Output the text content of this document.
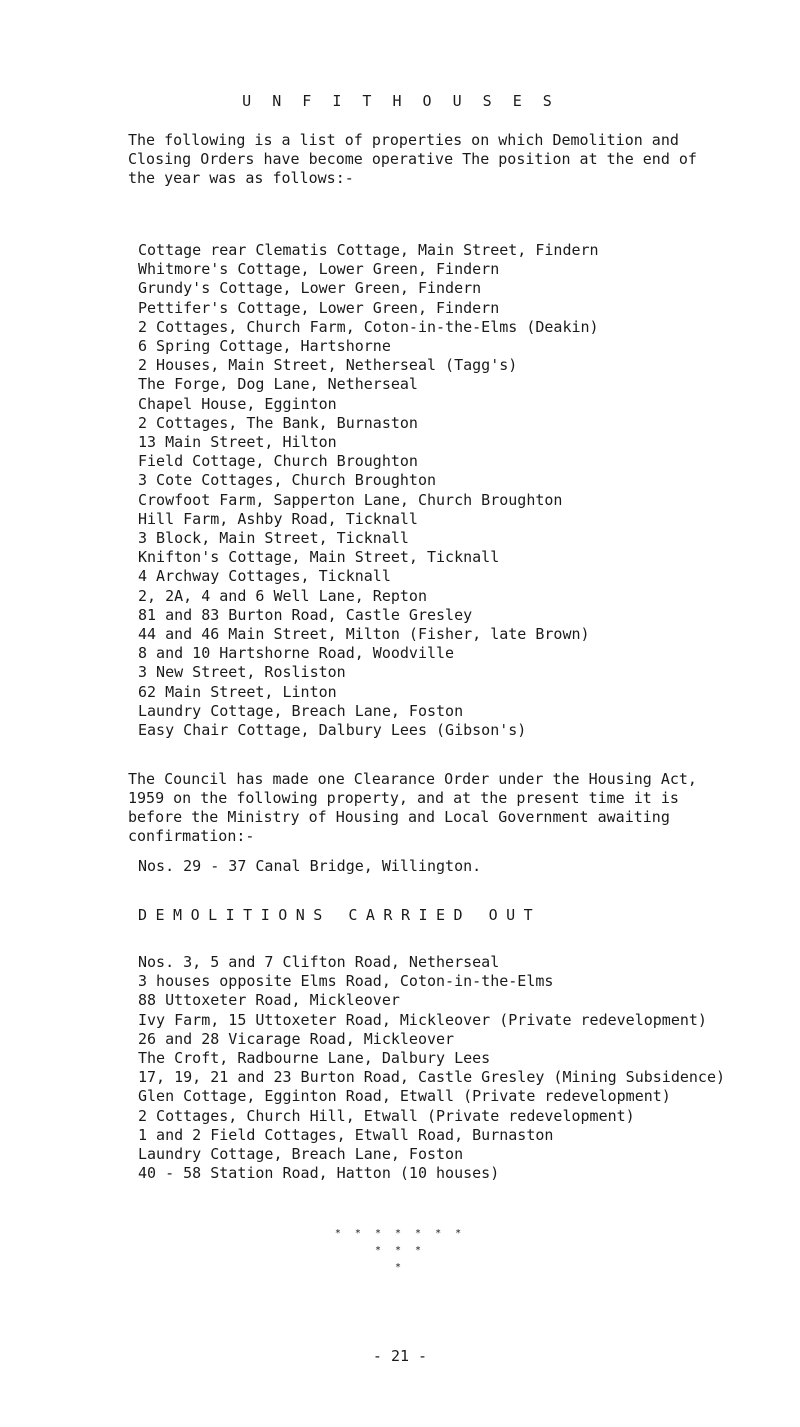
U N F I T H O U S E S

The following is a list of properties on which Demolition and Closing Orders have become operative The position at the end of the year was as follows:-

Cottage rear Clematis Cottage, Main Street, Findern
Whitmore's Cottage, Lower Green, Findern
Grundy's Cottage, Lower Green, Findern
Pettifer's Cottage, Lower Green, Findern
2 Cottages, Church Farm, Coton-in-the-Elms (Deakin)
6 Spring Cottage, Hartshorne
2 Houses, Main Street, Netherseal (Tagg's)
The Forge, Dog Lane, Netherseal
Chapel House, Egginton
2 Cottages, The Bank, Burnaston
13 Main Street, Hilton
Field Cottage, Church Broughton
3 Cote Cottages, Church Broughton
Crowfoot Farm, Sapperton Lane, Church Broughton
Hill Farm, Ashby Road, Ticknall
3 Block, Main Street, Ticknall
Knifton's Cottage, Main Street, Ticknall
4 Archway Cottages, Ticknall
2, 2A, 4 and 6 Well Lane, Repton
81 and 83 Burton Road, Castle Gresley
44 and 46 Main Street, Milton (Fisher, late Brown)
8 and 10 Hartshorne Road, Woodville
3 New Street, Rosliston
62 Main Street, Linton
Laundry Cottage, Breach Lane, Foston
Easy Chair Cottage, Dalbury Lees (Gibson's)

The Council has made one Clearance Order under the Housing Act, 1959 on the following property, and at the present time it is before the Ministry of Housing and Local Government awaiting confirmation:-

Nos. 29 - 37 Canal Bridge, Willington.
DEMOLITIONS CARRIED OUT
Nos. 3, 5 and 7 Clifton Road, Netherseal
3 houses opposite Elms Road, Coton-in-the-Elms
88 Uttoxeter Road, Mickleover
Ivy Farm, 15 Uttoxeter Road, Mickleover (Private redevelopment)
26 and 28 Vicarage Road, Mickleover
The Croft, Radbourne Lane, Dalbury Lees
17, 19, 21 and 23 Burton Road, Castle Gresley (Mining Subsidence)
Glen Cottage, Egginton Road, Etwall (Private redevelopment)
2 Cottages, Church Hill, Etwall (Private redevelopment)
1 and 2 Field Cottages, Etwall Road, Burnaston
Laundry Cottage, Breach Lane, Foston
40 - 58 Station Road, Hatton (10 houses)
* * * * * * *
* * *
*
- 21 -
